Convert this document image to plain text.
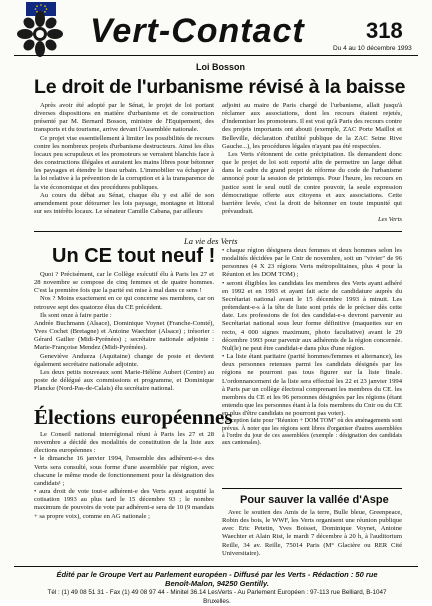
Vert-Contact	318
Du 4 au 10 décembre 1993
Loi Bosson
Le droit de l'urbanisme révisé à la baisse

Après avoir été adopté par le Sénat, le projet de loi portant diverses dispositions en matière d'urbanisme et de construction présenté par M. Bernard Bosson, ministre de l'Equipement, des transports et du tourisme, arrive devant l'Assemblée nationale.

Ce projet vise essentiellement à limiter les possibilités de recours contre les nombreux projets d'urbanisme destructeurs. Ainsi les élus locaux peu scrupuleux et les promoteurs se verraient blanchis face à des constructions illégales et auraient les mains libres pour bétonner les paysages et étendre le tissu urbain. L'immobilier va échapper à la loi relative à la prévention de la corruption et à la transparence de la vie économique et des procédures publiques.

Au cours du débat au Sénat, chaque élu y est allé de son amendement pour détourner les lois paysage, montagne et littoral sur ses intérêts locaux. Le sénateur Camille Cabana, par ailleurs

adjoint au maire de Paris chargé de l'urbanisme, allait jusqu'à réclamer aux associations, dont les recours étaient rejetés, d'indemniser les promoteurs. Il est vrai qu'à Paris des recours contre des projets importants ont abouti (exemple, ZAC Porte Maillot et Belleville, déclaration d'utilité publique de la ZAC Seine Rive Gauche...), les procédures légales n'ayant pas été respectées.

Les Verts s'étonnent de cette précipitation. Ils demandent donc que le projet de loi soit reporté afin de permettre un large débat dans le cadre du grand projet de réforme du code de l'urbanisme annoncé pour la session de printemps. Pour l'heure, les recours en justice sont le seul outil de contre pouvoir, la seule expression démocratique offerte aux citoyens et aux associations. Cette barrière levée, c'est la droit de bétonner en toute impunité qui prévaudrait.

Les Verts

La vie des Verts
Un CE tout neuf !

Quoi ? Précisément, car le Collège exécutif élu à Paris les 27 et 28 novembre se compose de cinq femmes et de quatre hommes. C'est la première fois que la parité est mise à mal dans ce sens !

Nos ? Moins exactement en ce qui concerne ses membres, car on retrouve sept des quatorze élus du CE précédent.

Ils sont onze à faire partie :

Andrée Buchmann (Alsace), Dominique Voynet (Franche-Comté), Yves Cochet (Bretagne) et Antoine Waechter (Alsace) ; trésorier : Gérard Gatlier (Midi-Pyrénées) ; secrétaire nationale adjointe : Marie-Françoise Mendez (Midi-Pyrénées).

Geneviève Andueza (Aquitaine) change de poste et devient également secrétaire nationale adjointe.

Les deux petits nouveaux sont Marie-Hélène Aubert (Centre) au poste de délégué aux commissions et programme, et Dominique Plancke (Nord-Pas-de-Calais) élu secrétaire national.

Élections européennes

Le Conseil national interrégional réuni à Paris les 27 et 28 novembre a décidé des modalités de constitution de la liste aux élections européennes :

• le dimanche 16 janvier 1994, l'ensemble des adhérent-e-s des Verts sera consulté, sous forme d'une assemblée par région, avec chacune le même mode de fonctionnement pour la désignation des candidats¹ ;

• aura droit de vote tout-e adhérent-e des Verts ayant acquitté la cotisation 1993 au plus tard le 15 décembre 93 ; le nombre maximum de pouvoirs de vote par adhérent-e sera de 10 (9 mandats + sa propre voix), comme en AG nationale ;

• chaque région désignera deux femmes et deux hommes selon les modalités décidées par le Cnir de novembre, soit un "vivier" de 96 personnes (4 X 23 régions Verts métropolitaines, plus 4 pour la Réunion et les DOM TOM) ;

• seront éligibles les candidats les membres des Verts ayant adhéré en 1992 et en 1993 et ayant fait acte de candidature auprès du Secrétariat national avant le 15 décembre 1993 à minuit. Les prétendant-e-s à la tête de liste sont priés de le préciser dès cette date. Les professions de foi des candidat-e-s devront parvenir au Secrétariat national sous leur forme définitive (maquettes sur en recto, 4 000 signes maximum, photo facultative) avant le 29 décembre 1993 pour parvenir aux adhérents de la région concernée. Nul(le) ne peut être candidat-e dans plus d'une région.

• La liste étant paritaire (parité hommes/femmes et alternance), les deux personnes retenues parmi les candidats désignés par les régions ne pourront pas tous figurer sur la liste finale. L'ordonnancement de la liste sera effectué les 22 et 23 janvier 1994 à Paris par un collège électoral comprenant les membres du CE. les membres du CE et les 96 personnes désignées par les régions (étant entendu que les personnes étant à la fois membres du Cnir ou du CE en plus d'être candidats ne pourront pas voter).

¹ exception faite pour "Réunion + DOM TOM" où des aménagements sont prévus. À noter que les régions sont libres d'organiser d'autres assemblées à l'ordre du jour de ces assemblées (exemple : désignation des candidats aux cantonales).

Pour sauver la vallée d'Aspe

Avec le soutien des Amis de la terre, Bulle bleue, Greenpeace, Robin des bois, le WWF, les Verts organisent une réunion publique avec Eric Petetin, Yves Boisset, Dominique Voynet, Antoine Waechter et Alain Rist, le mardi 7 décembre à 20 h, à l'auditorium Reille, 34 av. Reille, 75014 Paris (M° Glacière ou RER Cité Universitaire).

Édité par le Groupe Vert au Parlement européen - Diffusé par les Verts - Rédaction : 50 rue Benoît-Malon, 94250 Gentilly.
Tél : (1) 49 08 51 31 - Fax (1) 49 08 97 44 - Minitel 36.14 LesVerts - Au Parlement Européen : 97-113 rue Belliard, B-1047 Bruxelles.
